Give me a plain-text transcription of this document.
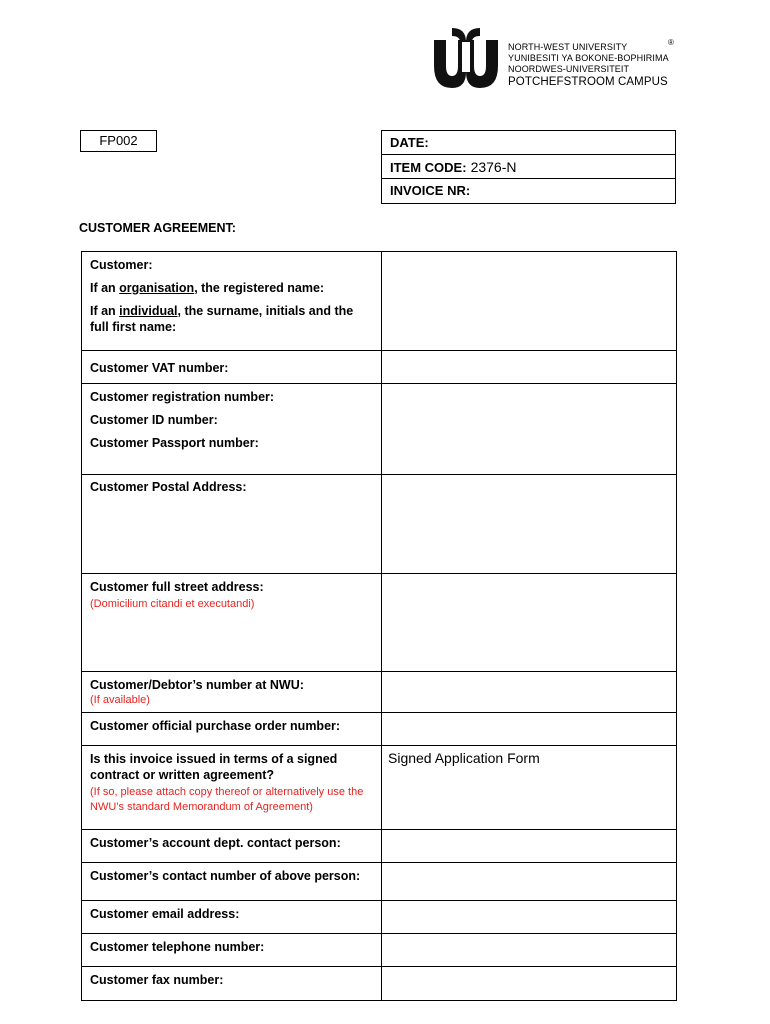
NORTH-WEST UNIVERSITY
YUNIBESITI YA BOKONE-BOPHIRIMA
NOORDWES-UNIVERSITEIT
POTCHEFSTROOM CAMPUS
®
FP002	DATE:
ITEM CODE: 2376-N
INVOICE NR:
CUSTOMER AGREEMENT:
Customer:
If an organisation, the registered name:
If an individual, the surname, initials and the full first name:
Customer VAT number:
Customer registration number:
Customer ID number:
Customer Passport number:
Customer Postal Address:
Customer full street address:
(Domicilium citandi et executandi)
Customer/Debtor’s number at NWU:
(If available)
Customer official purchase order number:
Is this invoice issued in terms of a signed contract or written agreement?
(If so, please attach copy thereof or alternatively use the NWU’s standard Memorandum of Agreement)
Signed Application Form
Customer’s account dept. contact person:
Customer’s contact number of above person:
Customer email address:
Customer telephone number:
Customer fax number:
